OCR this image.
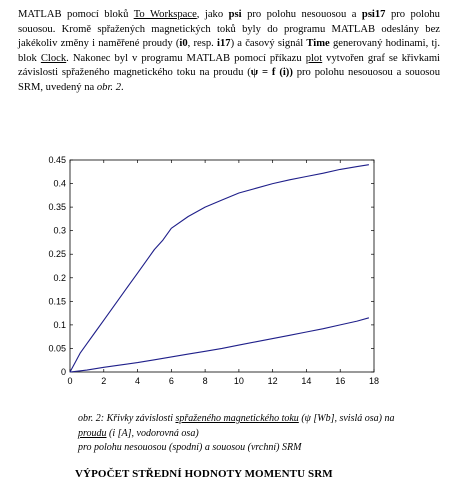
MATLAB pomocí bloků To Workspace, jako psi pro polohu nesouosou a psi17 pro polohu souosou. Kromě spřažených magnetických toků byly do programu MATLAB odeslány bez jakékoliv změny i naměřené proudy (i0, resp. i17) a časový signál Time generovaný hodinami, tj. blok Clock. Nakonec byl v programu MATLAB pomocí příkazu plot vytvořen graf se křivkami závislosti spřaženého magnetického toku na proudu (ψ = f (i)) pro polohu nesouosou a souosou SRM, uvedený na obr. 2.

0	2	4	6	8	10	12	14	16	18
0
0.05
0.1
0.15
0.2
0.25
0.3
0.35
0.4
0.45

obr. 2: Křivky závislosti spřaženého magnetického toku (ψ [Wb], svislá osa) na proudu (i [A], vodorovná osa)
pro polohu nesouosou (spodní) a souosou (vrchní) SRM

VÝPOČET STŘEDNÍ HODNOTY MOMENTU SRM
